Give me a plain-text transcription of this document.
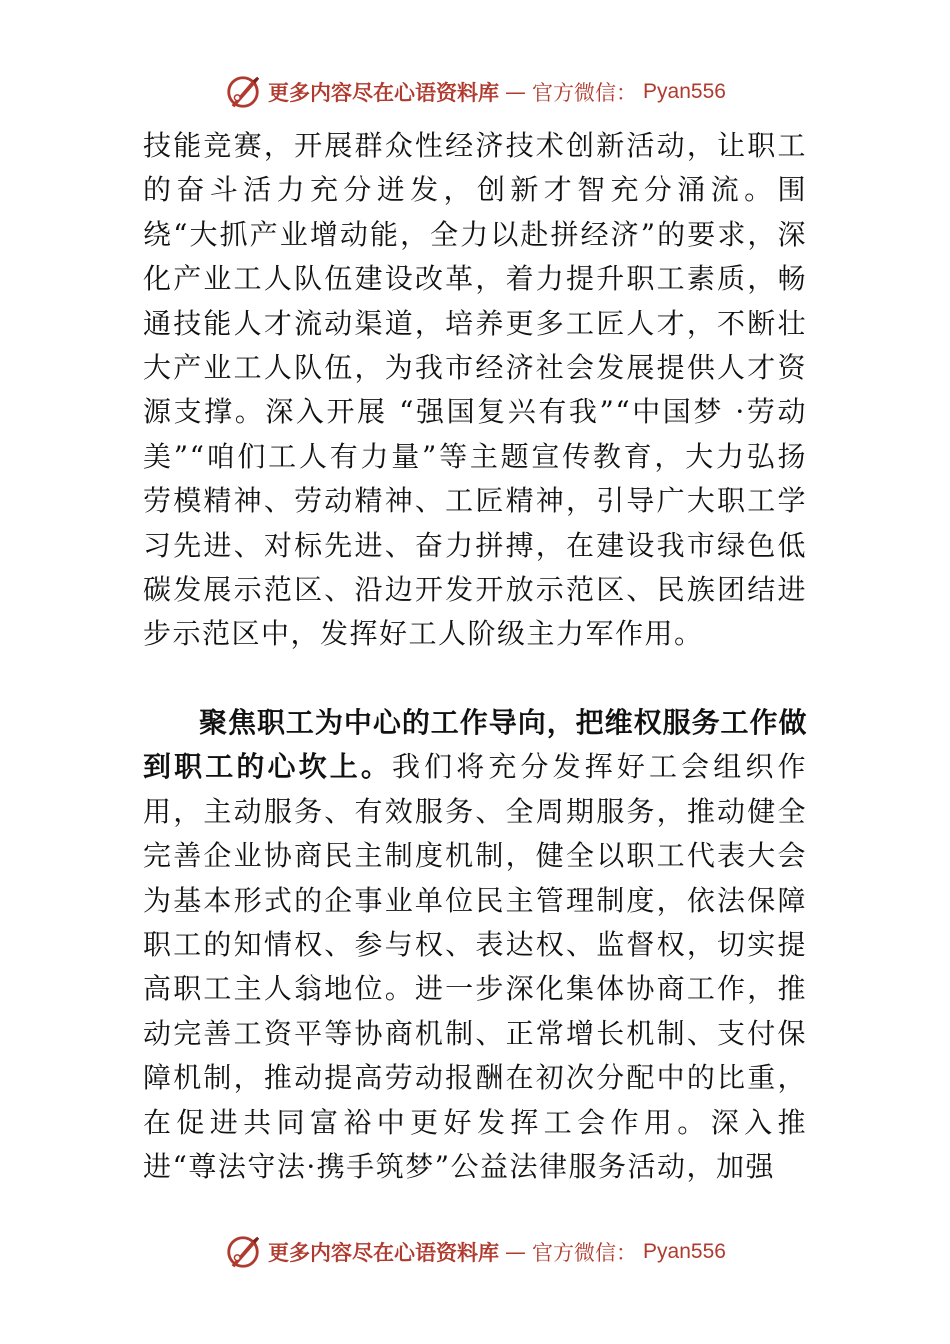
更多内容尽在心语资料库 — 官方微信： Pyan556

技能竞赛，开展群众性经济技术创新活动，让职工的奋斗活力充分迸发，创新才智充分涌流。围绕“大抓产业增动能，全力以赴拼经济”的要求，深化产业工人队伍建设改革，着力提升职工素质，畅通技能人才流动渠道，培养更多工匠人才，不断壮大产业工人队伍，为我市经济社会发展提供人才资源支撑。深入开展 “强国复兴有我”“中国梦 ·劳动美”“咱们工人有力量”等主题宣传教育，大力弘扬劳模精神、劳动精神、工匠精神，引导广大职工学习先进、对标先进、奋力拼搏，在建设我市绿色低碳发展示范区、沿边开发开放示范区、民族团结进步示范区中，发挥好工人阶级主力军作用。

聚焦职工为中心的工作导向，把维权服务工作做到职工的心坎上。我们将充分发挥好工会组织作用，主动服务、有效服务、全周期服务，推动健全完善企业协商民主制度机制，健全以职工代表大会为基本形式的企事业单位民主管理制度，依法保障职工的知情权、参与权、表达权、监督权，切实提高职工主人翁地位。进一步深化集体协商工作，推动完善工资平等协商机制、正常增长机制、支付保障机制，推动提高劳动报酬在初次分配中的比重，在促进共同富裕中更好发挥工会作用。深入推进“尊法守法·携手筑梦”公益法律服务活动，加强

更多内容尽在心语资料库 — 官方微信： Pyan556
